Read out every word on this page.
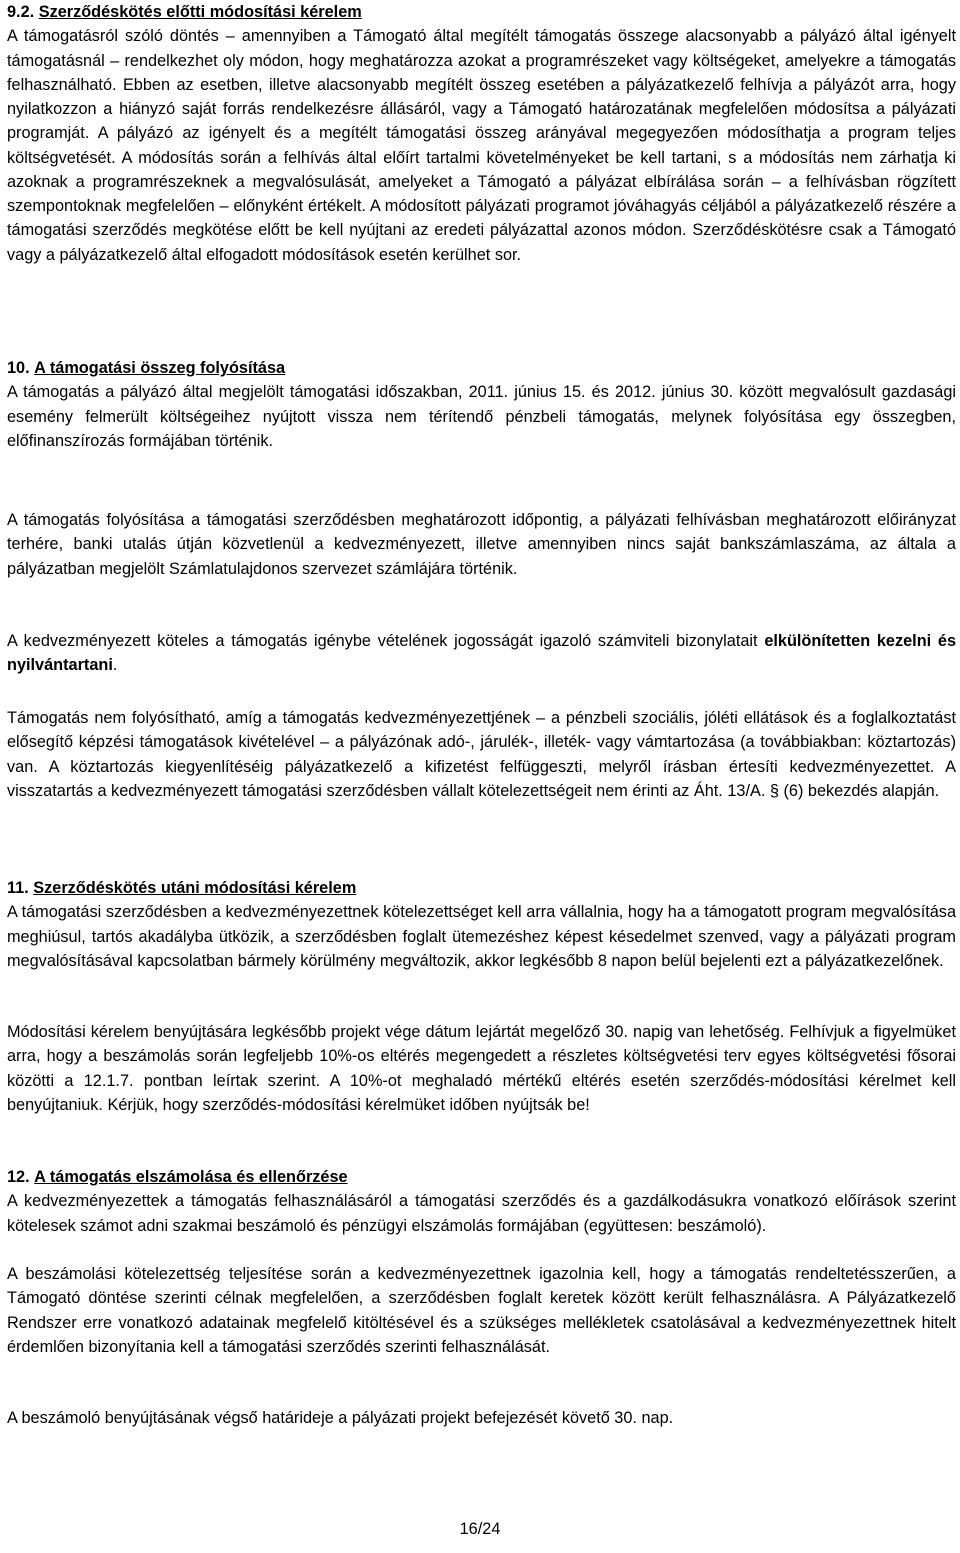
9.2. Szerződéskötés előtti módosítási kérelem

A támogatásról szóló döntés – amennyiben a Támogató által megítélt támogatás összege alacsonyabb a pályázó által igényelt támogatásnál – rendelkezhet oly módon, hogy meghatározza azokat a programrészeket vagy költségeket, amelyekre a támogatás felhasználható. Ebben az esetben, illetve alacsonyabb megítélt összeg esetében a pályázatkezelő felhívja a pályázót arra, hogy nyilatkozzon a hiányzó saját forrás rendelkezésre állásáról, vagy a Támogató határozatának megfelelően módosítsa a pályázati programját. A pályázó az igényelt és a megítélt támogatási összeg arányával megegyezően módosíthatja a program teljes költségvetését. A módosítás során a felhívás által előírt tartalmi követelményeket be kell tartani, s a módosítás nem zárhatja ki azoknak a programrészeknek a megvalósulását, amelyeket a Támogató a pályázat elbírálása során – a felhívásban rögzített szempontoknak megfelelően – előnyként értékelt. A módosított pályázati programot jóváhagyás céljából a pályázatkezelő részére a támogatási szerződés megkötése előtt be kell nyújtani az eredeti pályázattal azonos módon. Szerződéskötésre csak a Támogató vagy a pályázatkezelő által elfogadott módosítások esetén kerülhet sor.

10. A támogatási összeg folyósítása

A támogatás a pályázó által megjelölt támogatási időszakban, 2011. június 15. és 2012. június 30. között megvalósult gazdasági esemény felmerült költségeihez nyújtott vissza nem térítendő pénzbeli támogatás, melynek folyósítása egy összegben, előfinanszírozás formájában történik.

A támogatás folyósítása a támogatási szerződésben meghatározott időpontig, a pályázati felhívásban meghatározott előirányzat terhére, banki utalás útján közvetlenül a kedvezményezett, illetve amennyiben nincs saját bankszámlaszáma, az általa a pályázatban megjelölt Számlatulajdonos szervezet számlájára történik.

A kedvezményezett köteles a támogatás igénybe vételének jogosságát igazoló számviteli bizonylatait elkülönítetten kezelni és nyilvántartani.

Támogatás nem folyósítható, amíg a támogatás kedvezményezettjének – a pénzbeli szociális, jóléti ellátások és a foglalkoztatást elősegítő képzési támogatások kivételével – a pályázónak adó-, járulék-, illeték- vagy vámtartozása (a továbbiakban: köztartozás) van. A köztartozás kiegyenlítéséig pályázatkezelő a kifizetést felfüggeszti, melyről írásban értesíti kedvezményezettet. A visszatartás a kedvezményezett támogatási szerződésben vállalt kötelezettségeit nem érinti az Áht. 13/A. § (6) bekezdés alapján.

11. Szerződéskötés utáni módosítási kérelem

A támogatási szerződésben a kedvezményezettnek kötelezettséget kell arra vállalnia, hogy ha a támogatott program megvalósítása meghiúsul, tartós akadályba ütközik, a szerződésben foglalt ütemezéshez képest késedelmet szenved, vagy a pályázati program megvalósításával kapcsolatban bármely körülmény megváltozik, akkor legkésőbb 8 napon belül bejelenti ezt a pályázatkezelőnek.

Módosítási kérelem benyújtására legkésőbb projekt vége dátum lejártát megelőző 30. napig van lehetőség. Felhívjuk a figyelmüket arra, hogy a beszámolás során legfeljebb 10%-os eltérés megengedett a részletes költségvetési terv egyes költségvetési fősorai közötti a 12.1.7. pontban leírtak szerint. A 10%-ot meghaladó mértékű eltérés esetén szerződés-módosítási kérelmet kell benyújtaniuk. Kérjük, hogy szerződés-módosítási kérelmüket időben nyújtsák be!

12. A támogatás elszámolása és ellenőrzése

A kedvezményezettek a támogatás felhasználásáról a támogatási szerződés és a gazdálkodásukra vonatkozó előírások szerint kötelesek számot adni szakmai beszámoló és pénzügyi elszámolás formájában (együttesen: beszámoló).

A beszámolási kötelezettség teljesítése során a kedvezményezettnek igazolnia kell, hogy a támogatás rendeltetésszerűen, a Támogató döntése szerinti célnak megfelelően, a szerződésben foglalt keretek között került felhasználásra. A Pályázatkezelő Rendszer erre vonatkozó adatainak megfelelő kitöltésével és a szükséges mellékletek csatolásával a kedvezményezettnek hitelt érdemlően bizonyítania kell a támogatási szerződés szerinti felhasználását.

A beszámoló benyújtásának végső határideje a pályázati projekt befejezését követő 30. nap.

16/24
